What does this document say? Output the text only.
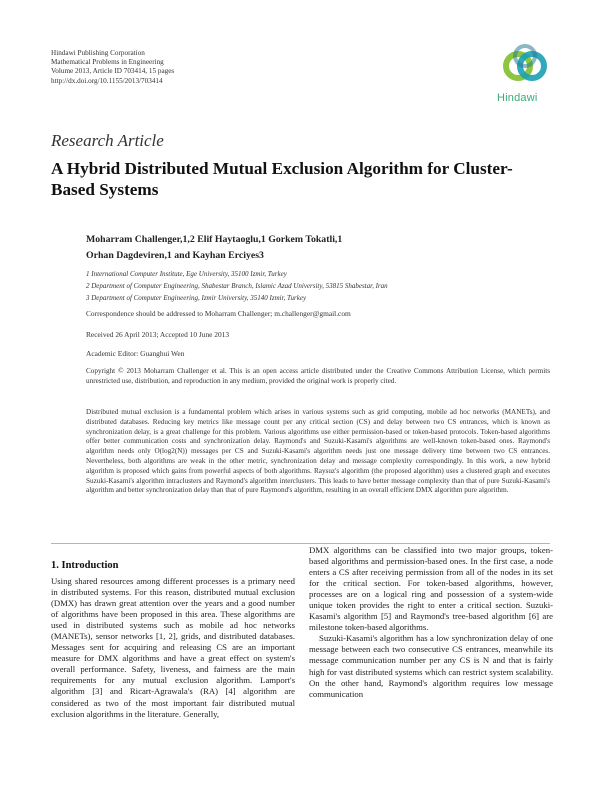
Hindawi Publishing Corporation
Mathematical Problems in Engineering
Volume 2013, Article ID 703414, 15 pages
http://dx.doi.org/10.1155/2013/703414
Hindawi
Research Article
A Hybrid Distributed Mutual Exclusion Algorithm for Cluster-Based Systems
Moharram Challenger,1,2 Elif Haytaoglu,1 Gorkem Tokatli,1
Orhan Dagdeviren,1 and Kayhan Erciyes3
1 International Computer Institute, Ege University, 35100 Izmir, Turkey
2 Department of Computer Engineering, Shabestar Branch, Islamic Azad University, 53815 Shabestar, Iran
3 Department of Computer Engineering, Izmir University, 35140 Izmir, Turkey
Correspondence should be addressed to Moharram Challenger; m.challenger@gmail.com
Received 26 April 2013; Accepted 10 June 2013
Academic Editor: Guanghui Wen
Copyright © 2013 Moharram Challenger et al. This is an open access article distributed under the Creative Commons Attribution License, which permits unrestricted use, distribution, and reproduction in any medium, provided the original work is properly cited.
Distributed mutual exclusion is a fundamental problem which arises in various systems such as grid computing, mobile ad hoc networks (MANETs), and distributed databases. Reducing key metrics like message count per any critical section (CS) and delay between two CS entrances, which is known as synchronization delay, is a great challenge for this problem. Various algorithms use either permission-based or token-based protocols. Token-based algorithms offer better communication costs and synchronization delay. Raymond's and Suzuki-Kasami's algorithms are well-known token-based ones. Raymond's algorithm needs only O(log2(N)) messages per CS and Suzuki-Kasami's algorithm needs just one message delivery time between two CS entrances. Nevertheless, both algorithms are weak in the other metric, synchronization delay and message complexity correspondingly. In this work, a new hybrid algorithm is proposed which gains from powerful aspects of both algorithms. Raysuz's algorithm (the proposed algorithm) uses a clustered graph and executes Suzuki-Kasami's algorithm intraclusters and Raymond's algorithm interclusters. This leads to have better message complexity than that of pure Suzuki-Kasami's algorithm and better synchronization delay than that of pure Raymond's algorithm, resulting in an overall efficient DMX algorithm pure algorithm.
1. Introduction

Using shared resources among different processes is a primary need in distributed systems. For this reason, distributed mutual exclusion (DMX) has drawn great attention over the years and a good number of algorithms have been proposed in this area. These algorithms are used in distributed systems such as mobile ad hoc networks (MANETs), sensor networks [1, 2], grids, and distributed databases. Messages sent for acquiring and releasing CS are an important measure for DMX algorithms and have a great effect on system's overall performance. Safety, liveness, and fairness are the main requirements for any mutual exclusion algorithm. Lamport's algorithm [3] and Ricart-Agrawala's (RA) [4] algorithm are considered as two of the most important fair distributed mutual exclusion algorithms in the literature. Generally,

DMX algorithms can be classified into two major groups, token-based algorithms and permission-based ones. In the first case, a node enters a CS after receiving permission from all of the nodes in its set for the critical section. For token-based algorithms, however, processes are on a logical ring and possession of a system-wide unique token provides the right to enter a critical section. Suzuki-Kasami's algorithm [5] and Raymond's tree-based algorithm [6] are milestone token-based algorithms.

Suzuki-Kasami's algorithm has a low synchronization delay of one message between each two consecutive CS entrances, meanwhile its message communication number per any CS is N and that is fairly high for vast distributed systems which can restrict system scalability. On the other hand, Raymond's algorithm requires low message communication
